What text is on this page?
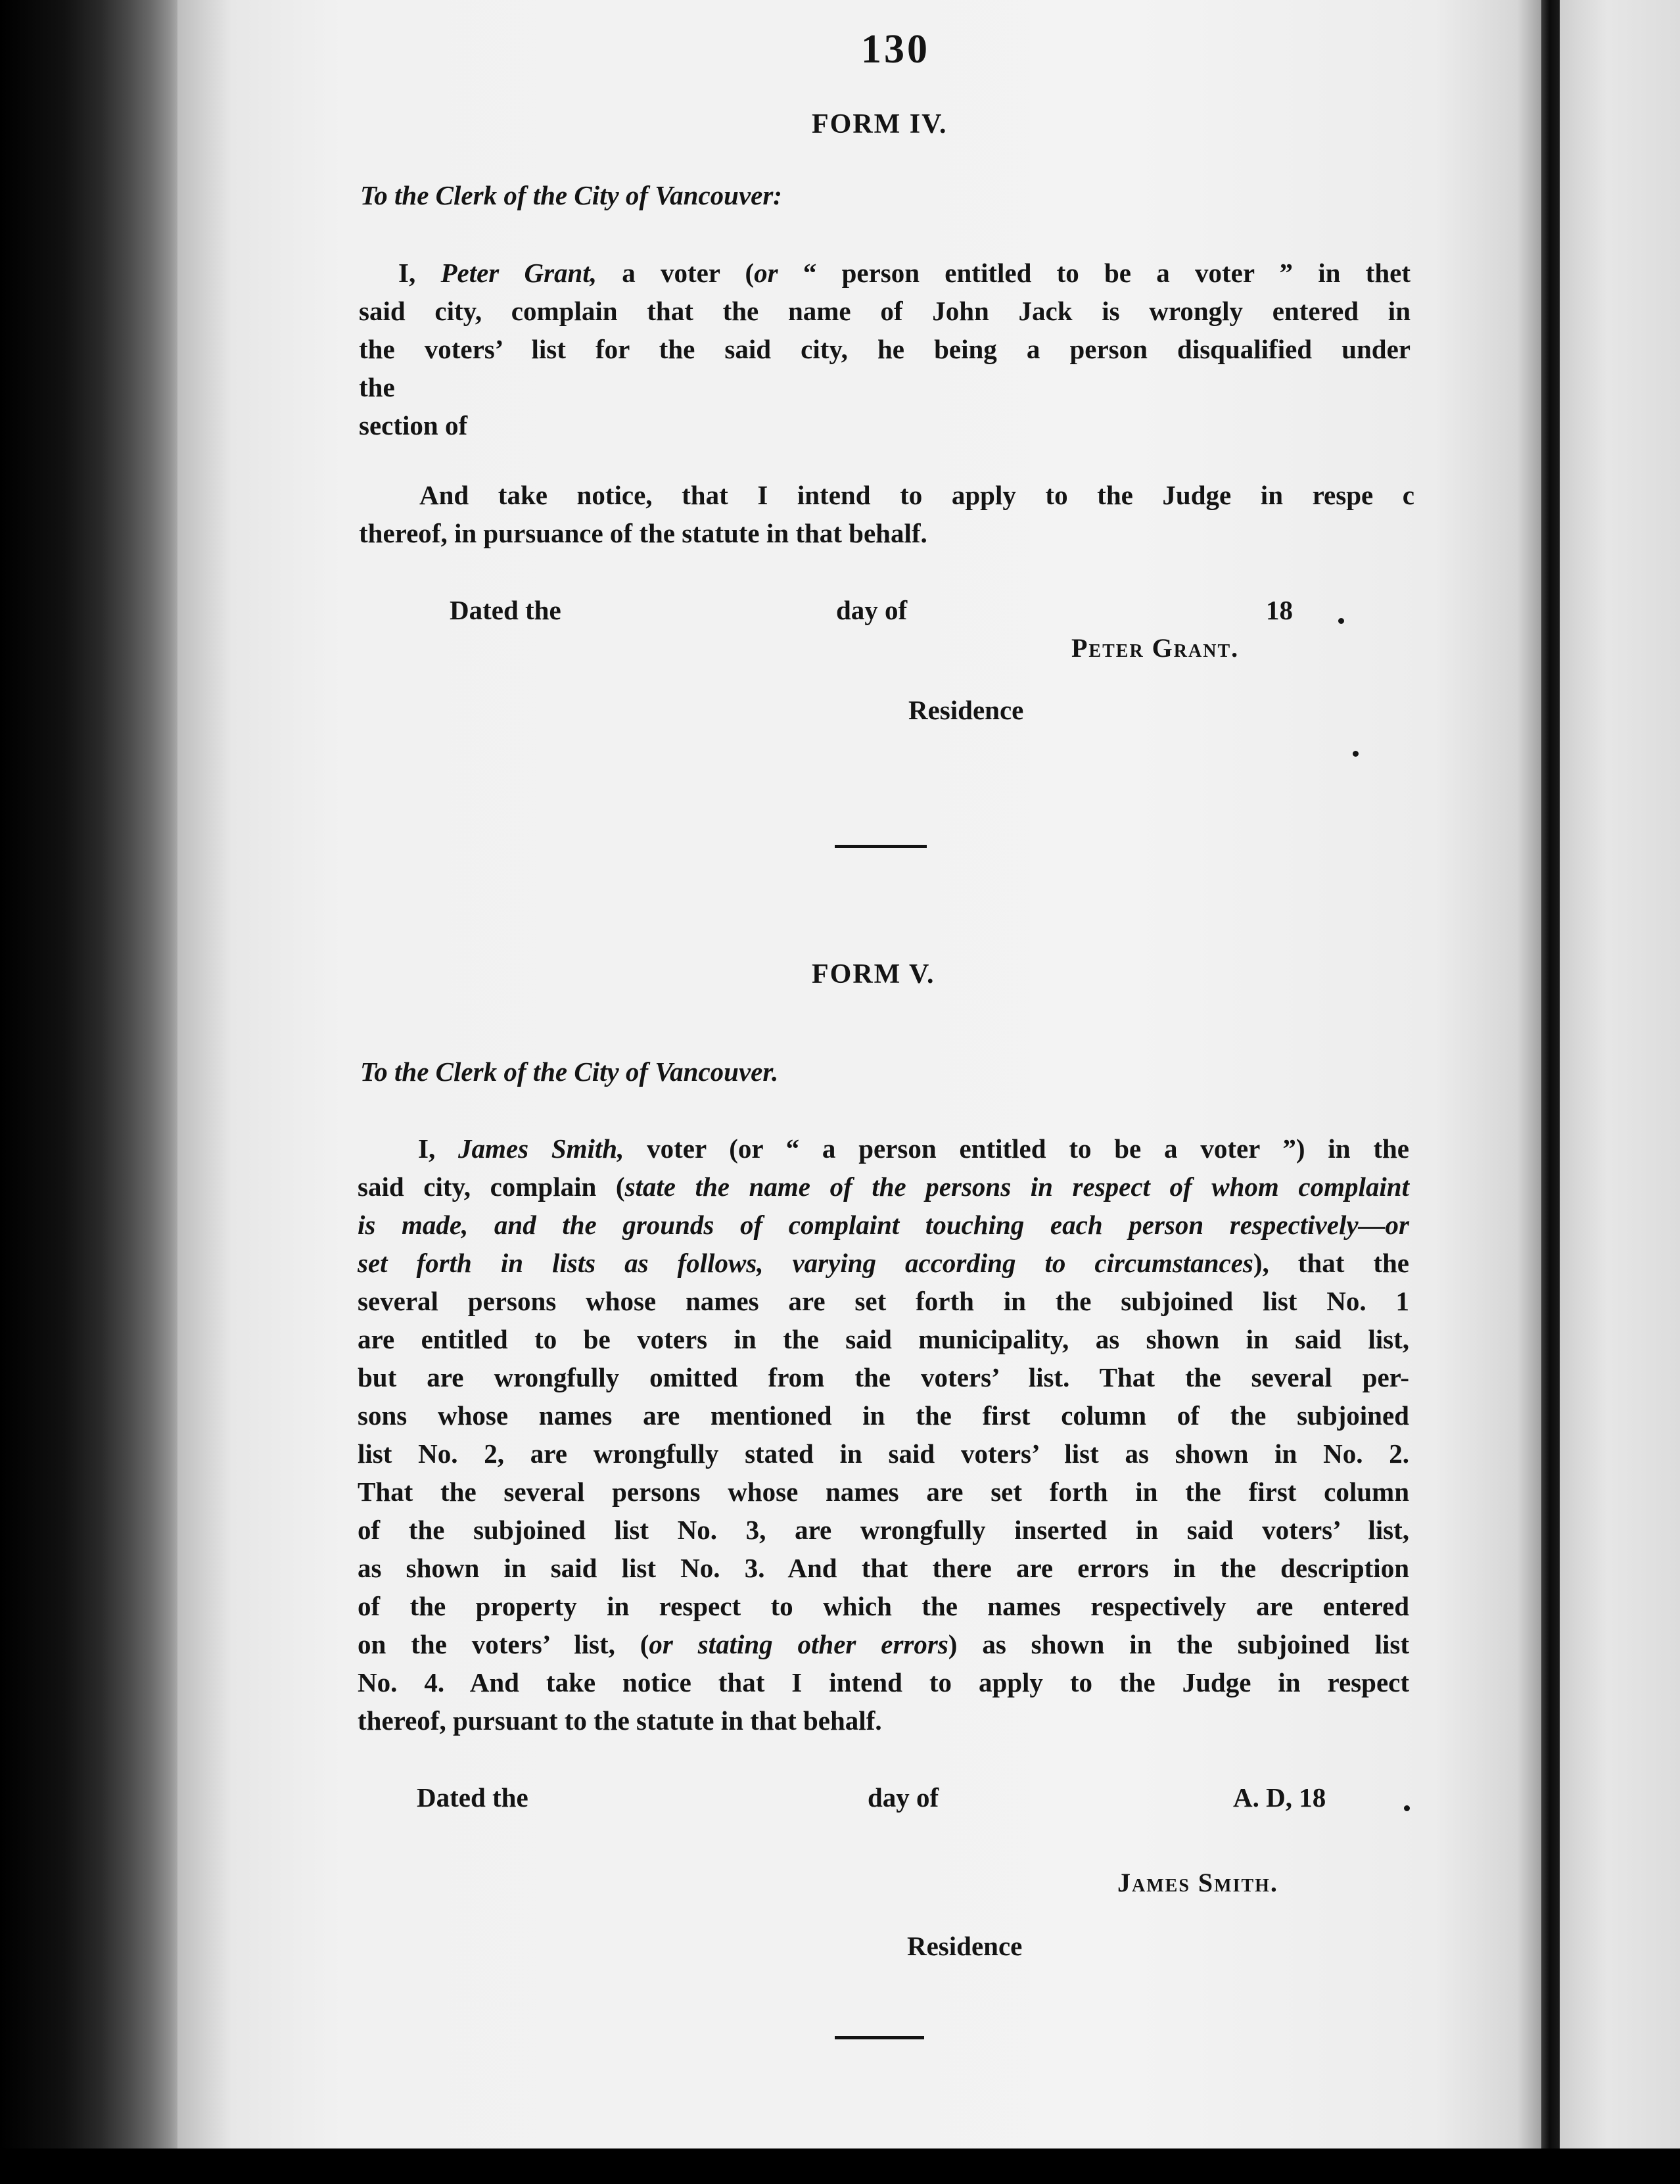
130
FORM IV.
To the Clerk of the City of Vancouver:
I, Peter Grant, a voter (or “ person entitled to be a voter ” in thet
said city, complain that the name of John Jack is wrongly entered in
the voters’ list for the said city, he being a person disqualified under
the
section of
And take notice, that I intend to apply to the Judge in respe c
thereof, in pursuance of the statute in that behalf.
Dated the	day of	18
Peter Grant.
Residence
FORM V.
To the Clerk of the City of Vancouver.
I, James Smith, voter (or “ a person entitled to be a voter ”) in the
said city, complain (state the name of the persons in respect of whom complaint
is made, and the grounds of complaint touching each person respectively—or
set forth in lists as follows, varying according to circumstances), that the
several persons whose names are set forth in the subjoined list No. 1
are entitled to be voters in the said municipality, as shown in said list,
but are wrongfully omitted from the voters’ list. That the several per-
sons whose names are mentioned in the first column of the subjoined
list No. 2, are wrongfully stated in said voters’ list as shown in No. 2.
That the several persons whose names are set forth in the first column
of the subjoined list No. 3, are wrongfully inserted in said voters’ list,
as shown in said list No. 3. And that there are errors in the description
of the property in respect to which the names respectively are entered
on the voters’ list, (or stating other errors) as shown in the subjoined list
No. 4. And take notice that I intend to apply to the Judge in respect
thereof, pursuant to the statute in that behalf.
Dated the	day of	A. D, 18
James Smith.
Residence
